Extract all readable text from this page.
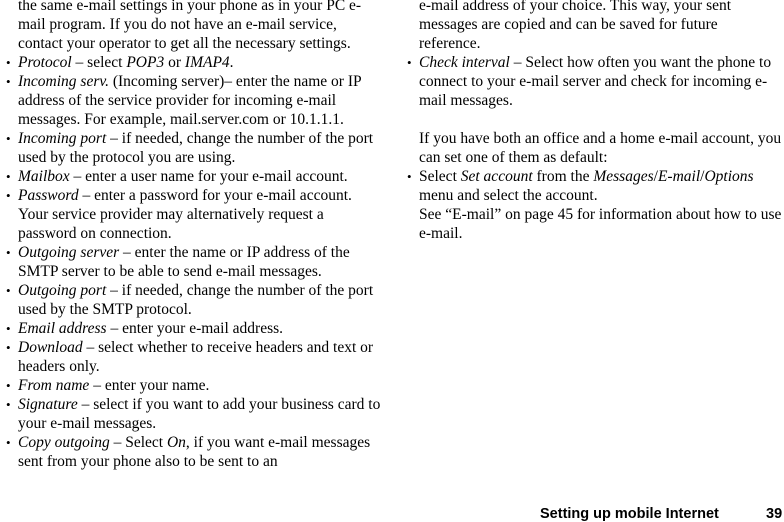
the same e-mail settings in your phone as in your PC e-mail program. If you do not have an e-mail service, contact your operator to get all the necessary settings.

• Protocol – select POP3 or IMAP4.
• Incoming serv. (Incoming server)– enter the name or IP address of the service provider for incoming e-mail messages. For example, mail.server.com or 10.1.1.1.
• Incoming port – if needed, change the number of the port used by the protocol you are using.
• Mailbox – enter a user name for your e-mail account.
• Password – enter a password for your e-mail account. Your service provider may alternatively request a password on connection.
• Outgoing server – enter the name or IP address of the SMTP server to be able to send e-mail messages.
• Outgoing port – if needed, change the number of the port used by the SMTP protocol.
• Email address – enter your e-mail address.
• Download – select whether to receive headers and text or headers only.
• From name – enter your name.
• Signature – select if you want to add your business card to your e-mail messages.
• Copy outgoing – Select On, if you want e-mail messages sent from your phone also to be sent to an

e-mail address of your choice. This way, your sent messages are copied and can be saved for future reference.

• Check interval – Select how often you want the phone to connect to your e-mail server and check for incoming e-mail messages.

If you have both an office and a home e-mail account, you can set one of them as default:

• Select Set account from the Messages/E-mail/Options menu and select the account.
See “E-mail” on page 45 for information about how to use e-mail.
Setting up mobile Internet	39
